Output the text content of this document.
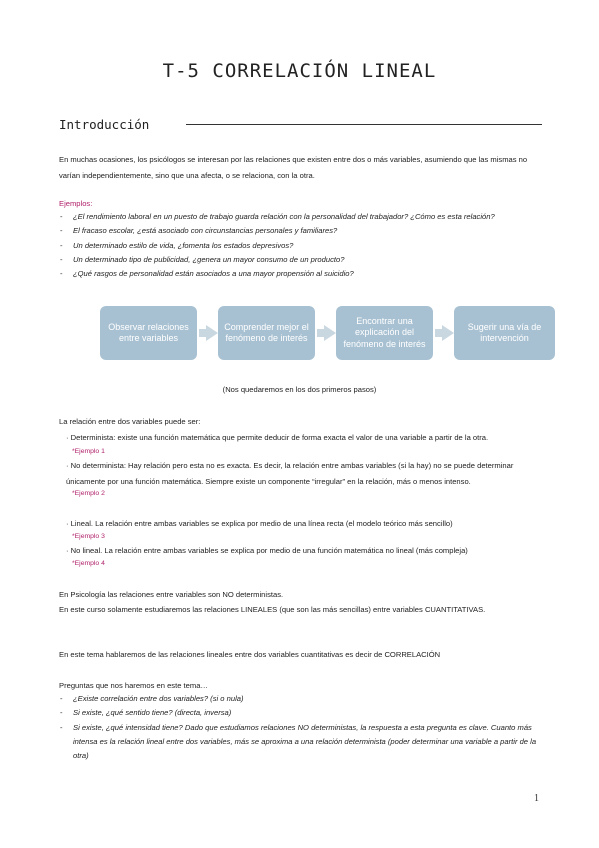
T-5 CORRELACIÓN LINEAL
Introducción
En muchas ocasiones, los psicólogos se interesan por las relaciones que existen entre dos o más variables, asumiendo que las mismas no varían independientemente, sino que una afecta, o se relaciona, con la otra.
Ejemplos:
- ¿El rendimiento laboral en un puesto de trabajo guarda relación con la personalidad del trabajador? ¿Cómo es esta relación?
- El fracaso escolar, ¿está asociado con circunstancias personales y familiares?
- Un determinado estilo de vida, ¿fomenta los estados depresivos?
- Un determinado tipo de publicidad, ¿genera un mayor consumo de un producto?
- ¿Qué rasgos de personalidad están asociados a una mayor propensión al suicidio?
Observar relaciones entre variables
Comprender mejor el fenómeno de interés
Encontrar una explicación del fenómeno de interés
Sugerir una vía de intervención
(Nos quedaremos en los dos primeros pasos)
La relación entre dos variables puede ser:
· Determinista: existe una función matemática que permite deducir de forma exacta el valor de una variable a partir de la otra.
*Ejemplo 1
· No determinista: Hay relación pero esta no es exacta. Es decir, la relación entre ambas variables (si la hay) no se puede determinar únicamente por una función matemática. Siempre existe un componente “irregular” en la relación, más o menos intenso.
*Ejemplo 2
· Lineal. La relación entre ambas variables se explica por medio de una línea recta (el modelo teórico más sencillo)
*Ejemplo 3
· No lineal. La relación entre ambas variables se explica por medio de una función matemática no lineal (más compleja)
*Ejemplo 4
En Psicología las relaciones entre variables son NO deterministas.
En este curso solamente estudiaremos las relaciones LINEALES (que son las más sencillas) entre variables CUANTITATIVAS.
En este tema hablaremos de las relaciones lineales entre dos variables cuantitativas es decir de CORRELACIÓN
Preguntas que nos haremos en este tema…
- ¿Existe correlación entre dos variables? (si o nula)
- Si existe, ¿qué sentido tiene? (directa, inversa)
- Si existe, ¿qué intensidad tiene? Dado que estudiamos relaciones NO deterministas, la respuesta a esta pregunta es clave. Cuanto más intensa es la relación lineal entre dos variables, más se aproxima a una relación determinista (poder determinar una variable a partir de la otra)
1
